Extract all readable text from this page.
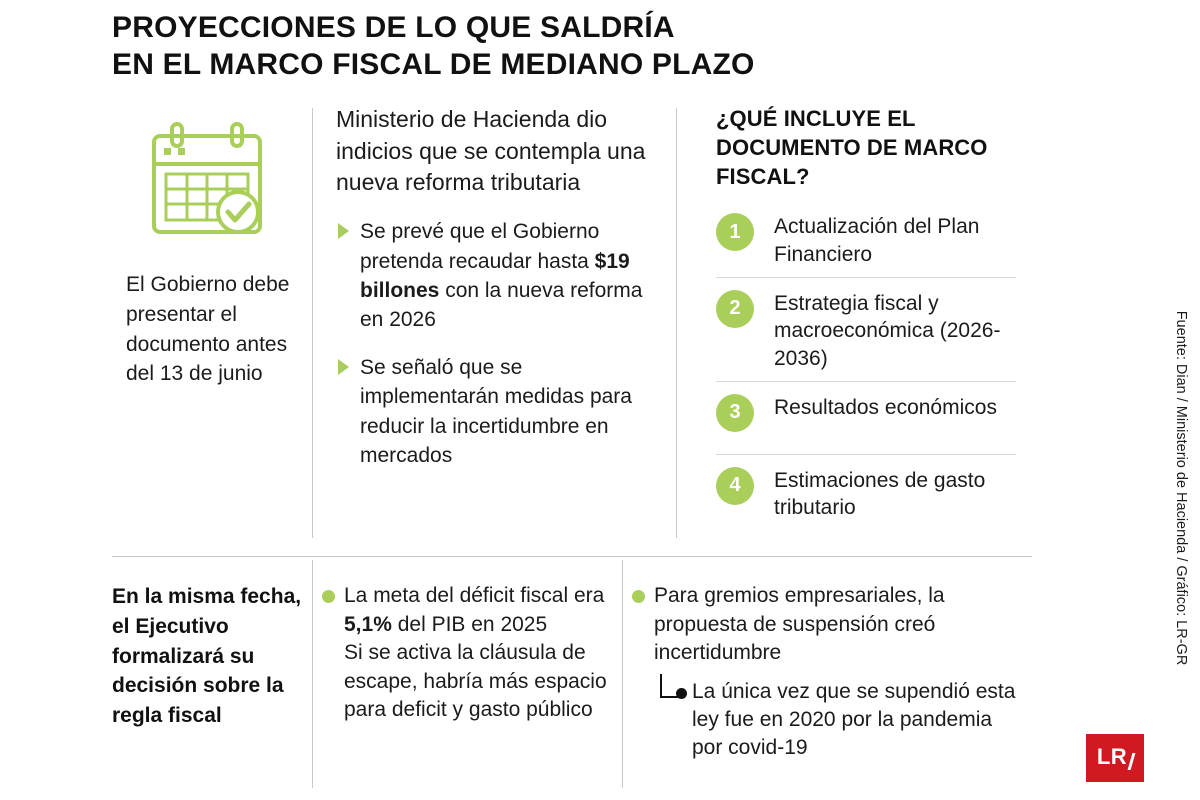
PROYECCIONES DE LO QUE SALDRÍA
EN EL MARCO FISCAL DE MEDIANO PLAZO
El Gobierno debe presentar el documento antes del 13 de junio
Ministerio de Hacienda dio indicios que se contempla una nueva reforma tributaria
Se prevé que el Gobierno pretenda recaudar hasta $19 billones con la nueva reforma en 2026
Se señaló que se implementarán medidas para reducir la incertidumbre en mercados
¿QUÉ INCLUYE EL DOCUMENTO DE MARCO FISCAL?
1	Actualización del Plan Financiero
2	Estrategia fiscal y macroeconómica (2026-2036)
3	Resultados económicos
4	Estimaciones de gasto tributario
En la misma fecha, el Ejecutivo formalizará su decisión sobre la regla fiscal
La meta del déficit fiscal era 5,1% del PIB en 2025
Si se activa la cláusula de escape, habría más espacio para deficit y gasto público
Para gremios empresariales, la propuesta de suspensión creó incertidumbre
La única vez que se supendió esta ley fue en 2020 por la pandemia por covid-19
Fuente: Dian / Ministerio de Hacienda / Gráfico: LR-GR
LR
